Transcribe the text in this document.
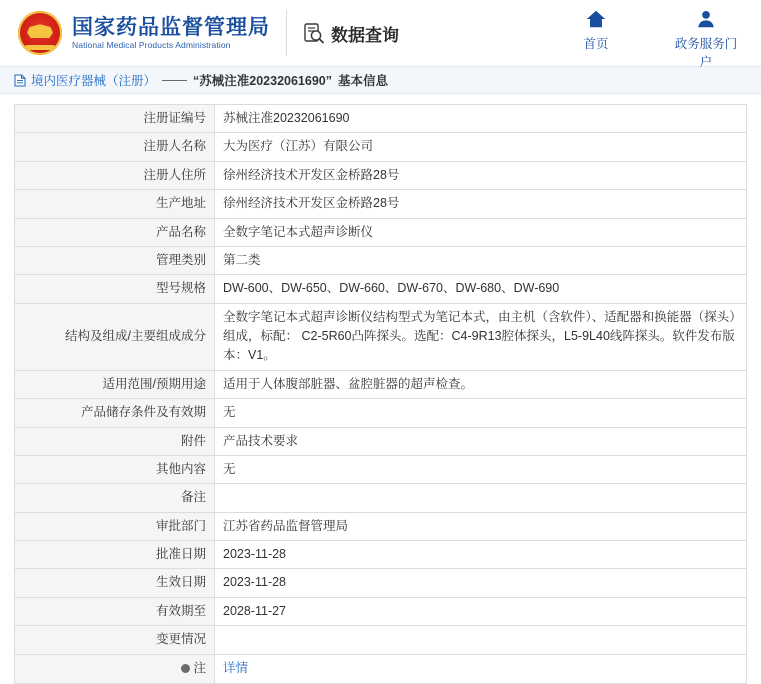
国家药品监督管理局
National Medical Products Administration
数据查询	首页	政务服务门户
境内医疗器械（注册） —— “苏械注准20232061690” 基本信息
注册证编号	苏械注准20232061690
注册人名称	大为医疗（江苏）有限公司
注册人住所	徐州经济技术开发区金桥路28号
生产地址	徐州经济技术开发区金桥路28号
产品名称	全数字笔记本式超声诊断仪
管理类别	第二类
型号规格	DW-600、DW-650、DW-660、DW-670、DW-680、DW-690
结构及组成/主要组成成分	全数字笔记本式超声诊断仪结构型式为笔记本式，由主机（含软件）、适配器和换能器（探头）组成，标配： C2-5R60凸阵探头。选配：C4-9R13腔体探头，L5-9L40线阵探头。软件发布版本：V1。
适用范围/预期用途	适用于人体腹部脏器、盆腔脏器的超声检查。
产品储存条件及有效期	无
附件	产品技术要求
其他内容	无
备注	
审批部门	江苏省药品监督管理局
批准日期	2023-11-28
生效日期	2023-11-28
有效期至	2028-11-27
变更情况	

注	详情
